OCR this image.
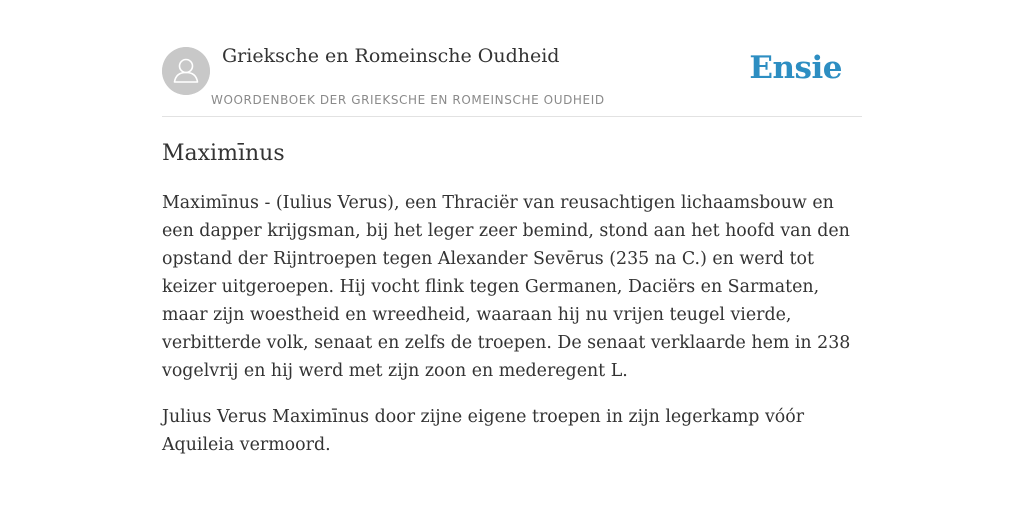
Grieksche en Romeinsche Oudheid
WOORDENBOEK DER GRIEKSCHE EN ROMEINSCHE OUDHEID
Ensie
Maximīnus

Maximīnus - (Iulius Verus), een Thraciër van reusachtigen lichaamsbouw en een dapper krijgsman, bij het leger zeer bemind, stond aan het hoofd van den opstand der Rijntroepen tegen Alexander Sevērus (235 na C.) en werd tot keizer uitgeroepen. Hij vocht flink tegen Germanen, Daciërs en Sarmaten, maar zijn woestheid en wreedheid, waaraan hij nu vrijen teugel vierde, verbitterde volk, senaat en zelfs de troepen. De senaat verklaarde hem in 238 vogelvrij en hij werd met zijn zoon en mederegent L.

Julius Verus Maximīnus door zijne eigene troepen in zijn legerkamp vóór Aquileia vermoord.
